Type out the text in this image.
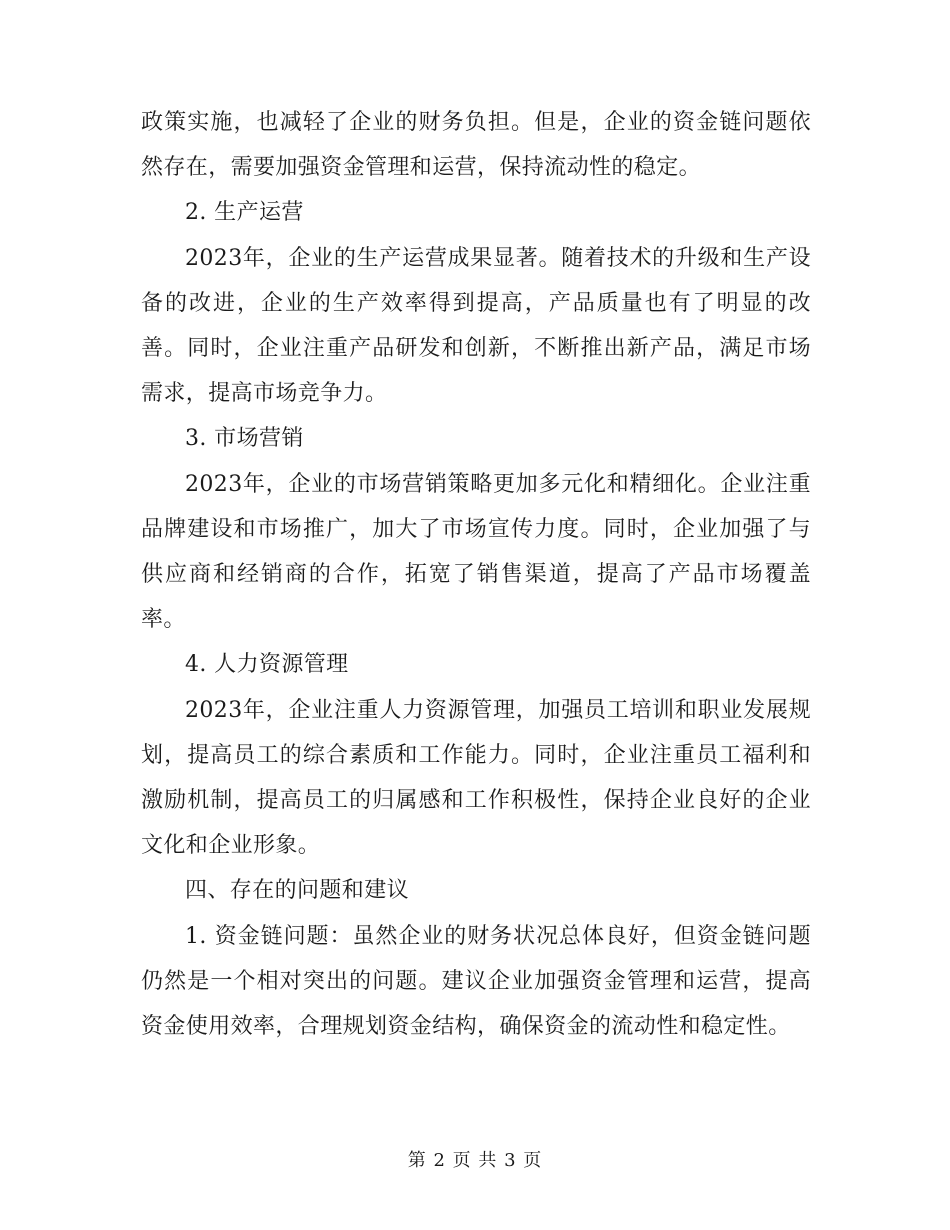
政策实施，也减轻了企业的财务负担。但是，企业的资金链问题依然存在，需要加强资金管理和运营，保持流动性的稳定。

2. 生产运营

2023年，企业的生产运营成果显著。随着技术的升级和生产设备的改进，企业的生产效率得到提高，产品质量也有了明显的改善。同时，企业注重产品研发和创新，不断推出新产品，满足市场需求，提高市场竞争力。

3. 市场营销

2023年，企业的市场营销策略更加多元化和精细化。企业注重品牌建设和市场推广，加大了市场宣传力度。同时，企业加强了与供应商和经销商的合作，拓宽了销售渠道，提高了产品市场覆盖率。

4. 人力资源管理

2023年，企业注重人力资源管理，加强员工培训和职业发展规划，提高员工的综合素质和工作能力。同时，企业注重员工福利和激励机制，提高员工的归属感和工作积极性，保持企业良好的企业文化和企业形象。

四、存在的问题和建议

1. 资金链问题：虽然企业的财务状况总体良好，但资金链问题仍然是一个相对突出的问题。建议企业加强资金管理和运营，提高资金使用效率，合理规划资金结构，确保资金的流动性和稳定性。

第 2 页 共 3 页
